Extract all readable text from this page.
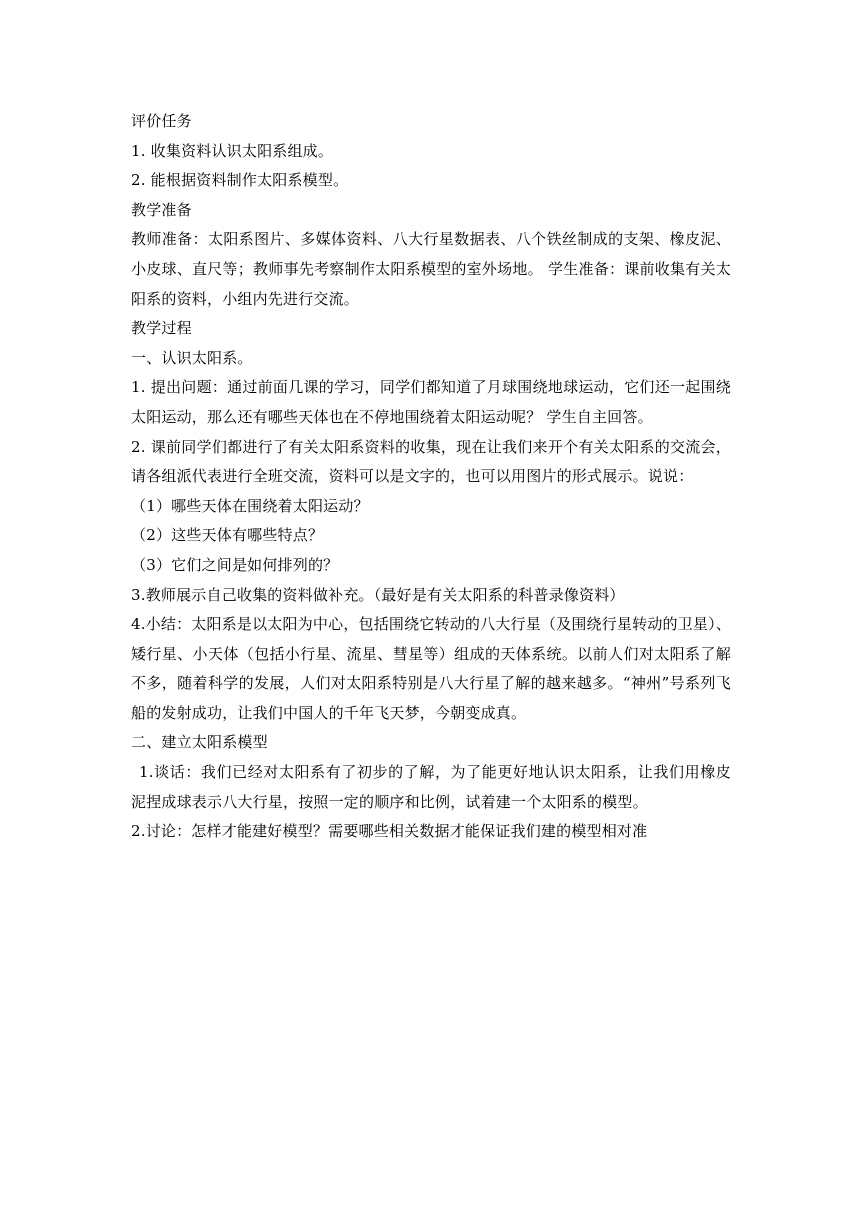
评价任务

1. 收集资料认识太阳系组成。

2. 能根据资料制作太阳系模型。

教学准备

教师准备：太阳系图片、多媒体资料、八大行星数据表、八个铁丝制成的支架、橡皮泥、小皮球、直尺等；教师事先考察制作太阳系模型的室外场地。 学生准备：课前收集有关太阳系的资料，小组内先进行交流。

教学过程

一、认识太阳系。

1. 提出问题：通过前面几课的学习，同学们都知道了月球围绕地球运动，它们还一起围绕太阳运动，那么还有哪些天体也在不停地围绕着太阳运动呢？ 学生自主回答。

2. 课前同学们都进行了有关太阳系资料的收集，现在让我们来开个有关太阳系的交流会，请各组派代表进行全班交流，资料可以是文字的，也可以用图片的形式展示。说说：

（1）哪些天体在围绕着太阳运动？

（2）这些天体有哪些特点？

（3）它们之间是如何排列的？

3.教师展示自己收集的资料做补充。（最好是有关太阳系的科普录像资料）

4.小结：太阳系是以太阳为中心，包括围绕它转动的八大行星（及围绕行星转动的卫星）、矮行星、小天体（包括小行星、流星、彗星等）组成的天体系统。以前人们对太阳系了解不多，随着科学的发展，人们对太阳系特别是八大行星了解的越来越多。“神州”号系列飞船的发射成功，让我们中国人的千年飞天梦，今朝变成真。

二、建立太阳系模型

1.谈话：我们已经对太阳系有了初步的了解，为了能更好地认识太阳系，让我们用橡皮泥捏成球表示八大行星，按照一定的顺序和比例，试着建一个太阳系的模型。

2.讨论：怎样才能建好模型？需要哪些相关数据才能保证我们建的模型相对准
